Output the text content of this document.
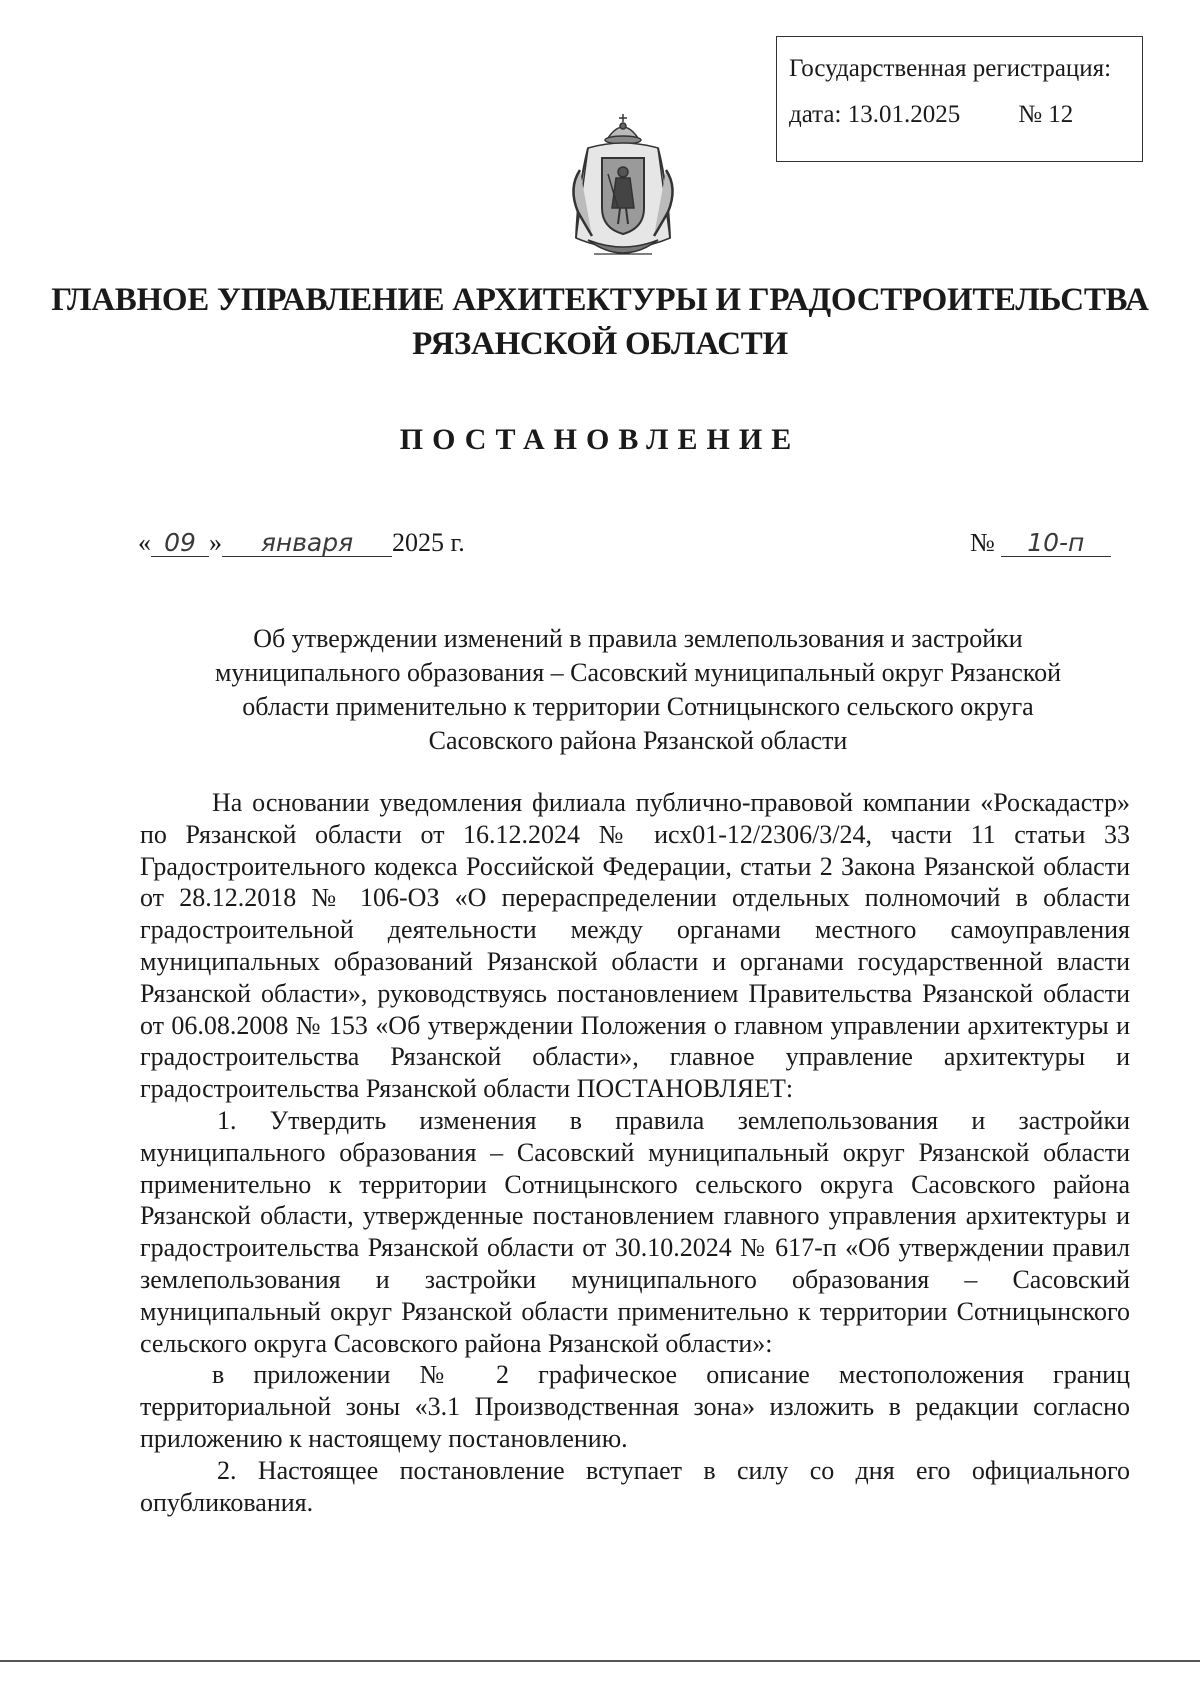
Государственная регистрация:
дата: 13.01.2025 № 12
ГЛАВНОЕ УПРАВЛЕНИЕ АРХИТЕКТУРЫ И ГРАДОСТРОИТЕЛЬСТВА
РЯЗАНСКОЙ ОБЛАСТИ
ПОСТАНОВЛЕНИЕ
« 09 » января 2025 г.	№ 10-п
Об утверждении изменений в правила землепользования и застройки
муниципального образования – Сасовский муниципальный округ Рязанской
области применительно к территории Сотницынского сельского округа
Сасовского района Рязанской области

На основании уведомления филиала публично-правовой компании «Роскадастр» по Рязанской области от 16.12.2024 № исх01-12/2306/3/24, части 11 статьи 33 Градостроительного кодекса Российской Федерации, статьи 2 Закона Рязанской области от 28.12.2018 № 106-ОЗ «О перераспределении отдельных полномочий в области градостроительной деятельности между органами местного самоуправления муниципальных образований Рязанской области и органами государственной власти Рязанской области», руководствуясь постановлением Правительства Рязанской области от 06.08.2008 № 153 «Об утверждении Положения о главном управлении архитектуры и градостроительства Рязанской области», главное управление архитектуры и градостроительства Рязанской области ПОСТАНОВЛЯЕТ:

1. Утвердить изменения в правила землепользования и застройки муниципального образования – Сасовский муниципальный округ Рязанской области применительно к территории Сотницынского сельского округа Сасовского района Рязанской области, утвержденные постановлением главного управления архитектуры и градостроительства Рязанской области от 30.10.2024 № 617-п «Об утверждении правил землепользования и застройки муниципального образования – Сасовский муниципальный округ Рязанской области применительно к территории Сотницынского сельского округа Сасовского района Рязанской области»:

в приложении № 2 графическое описание местоположения границ территориальной зоны «3.1 Производственная зона» изложить в редакции согласно приложению к настоящему постановлению.

2. Настоящее постановление вступает в силу со дня его официального опубликования.
